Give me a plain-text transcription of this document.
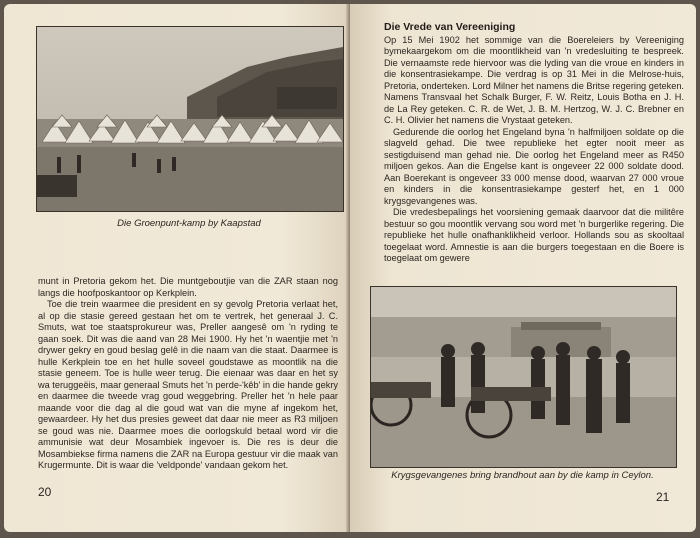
Die Groenpunt-kamp by Kaapstad

munt in Pretoria gekom het. Die muntgeboutjie van die ZAR staan nog langs die hoofposkantoor op Kerkplein.

Toe die trein waarmee die president en sy gevolg Pretoria verlaat het, al op die stasie gereed gestaan het om te vertrek, het generaal J. C. Smuts, wat toe staatsprokureur was, Preller aangesê om 'n ryding te gaan soek. Dit was die aand van 28 Mei 1900. Hy het 'n waentjie met 'n drywer gekry en goud beslag gelê in die naam van die staat. Daarmee is hulle Kerkplein toe en het hulle soveel goudstawe as moontlik na die stasie geneem. Toe is hulle weer terug. Die eienaar was daar en het sy wa teruggeëis, maar generaal Smuts het 'n perde-'kêb' in die hande gekry en daarmee die tweede vrag goud weggebring. Preller het 'n hele paar maande voor die dag al die goud wat van die myne af ingekom het, gewaardeer. Hy het dus presies geweet dat daar nie meer as R3 miljoen se goud was nie. Daarmee moes die oorlogskuld betaal word vir die ammunisie wat deur Mosambiek ingevoer is. Die res is deur die Mosambiekse firma namens die ZAR na Europa gestuur vir die maak van Krugermunte. Dit is waar die 'veldponde' vandaan gekom het.

20
Die Vrede van Vereeniging

Op 15 Mei 1902 het sommige van die Boereleiers by Vereeniging bymekaargekom om die moontlikheid van 'n vredesluiting te bespreek. Die vernaamste rede hiervoor was die lyding van die vroue en kinders in die konsentrasiekampe. Die verdrag is op 31 Mei in die Melrose-huis, Pretoria, onderteken. Lord Milner het namens die Britse regering geteken. Namens Transvaal het Schalk Burger, F. W. Reitz, Louis Botha en J. H. de La Rey geteken. C. R. de Wet, J. B. M. Hertzog, W. J. C. Brebner en C. H. Olivier het namens die Vrystaat geteken.

Gedurende die oorlog het Engeland byna 'n halfmiljoen soldate op die slagveld gehad. Die twee republieke het egter nooit meer as sestigduisend man gehad nie. Die oorlog het Engeland meer as R450 miljoen gekos. Aan die Engelse kant is ongeveer 22 000 soldate dood. Aan Boerekant is ongeveer 33 000 mense dood, waarvan 27 000 vroue en kinders in die konsentrasiekampe gesterf het, en 1 000 krygsgevangenes was.

Die vredesbepalings het voorsiening gemaak daarvoor dat die militêre bestuur so gou moontlik vervang sou word met 'n burgerlike regering. Die republieke het hulle onafhanklikheid verloor. Hollands sou as skooltaal toegelaat word. Amnestie is aan die burgers toegestaan en die Boere is toegelaat om gewere

Krygsgevangenes bring brandhout aan by die kamp in Ceylon.
21
